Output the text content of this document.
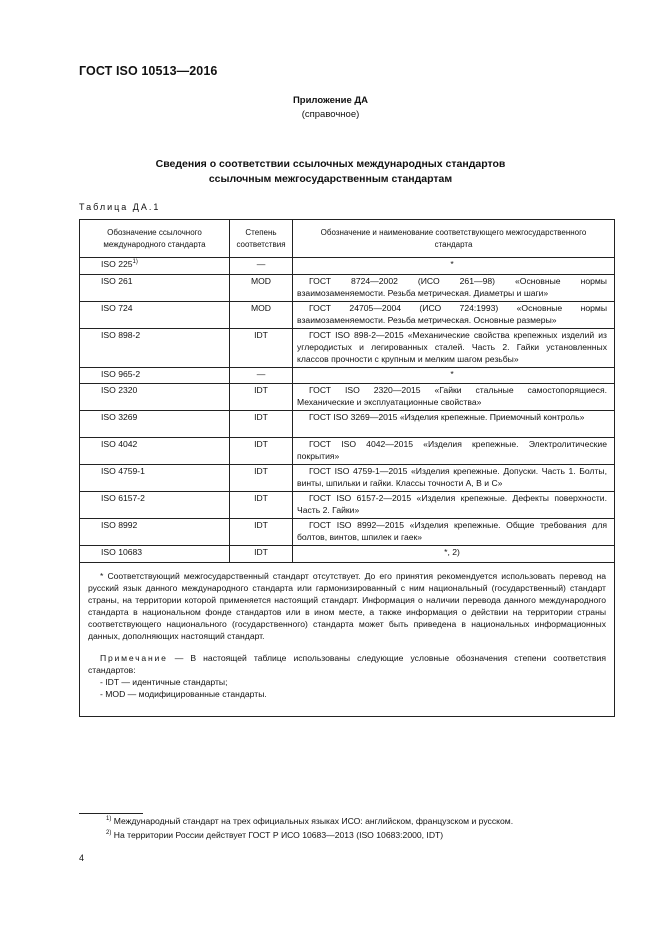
ГОСТ ISO 10513—2016
Приложение ДА
(справочное)
Сведения о соответствии ссылочных международных стандартов
ссылочным межгосударственным стандартам
Таблица ДА.1
Обозначение ссылочного международного стандарта	Степень соответствия	Обозначение и наименование соответствующего межгосударственного стандарта
ISO 225$^{1)}$	—	*

ISO 261	MOD	ГОСТ 8724—2002 (ИСО 261—98) «Основные нормы взаимозаменяемости. Резьба метрическая. Диаметры и шаги»
ISO 724	MOD	ГОСТ 24705—2004 (ИСО 724:1993) «Основные нормы взаимозаменяемости. Резьба метрическая. Основные размеры»
ISO 898-2	IDT	ГОСТ ISO 898-2—2015 «Механические свойства крепежных изделий из углеродистых и легированных сталей. Часть 2. Гайки установленных классов прочности с крупным и мелким шагом резьбы»
ISO 965-2	—	*

ISO 2320	IDT	ГОСТ ISO 2320—2015 «Гайки стальные самостопорящиеся. Механические и эксплуатационные свойства»
ISO 3269	IDT	ГОСТ ISO 3269—2015 «Изделия крепежные. Приемочный контроль»
ISO 4042	IDT	ГОСТ ISO 4042—2015 «Изделия крепежные. Электролитические покрытия»
ISO 4759-1	IDT	ГОСТ ISO 4759-1—2015 «Изделия крепежные. Допуски. Часть 1. Болты, винты, шпильки и гайки. Классы точности А, В и С»
ISO 6157-2	IDT	ГОСТ ISO 6157-2—2015 «Изделия крепежные. Дефекты поверхности. Часть 2. Гайки»
ISO 8992	IDT	ГОСТ ISO 8992—2015 «Изделия крепежные. Общие требования для болтов, винтов, шпилек и гаек»
ISO 10683	IDT	*, 2)

* Соответствующий межгосударственный стандарт отсутствует. До его принятия рекомендуется использовать перевод на русский язык данного международного стандарта или гармонизированный с ним национальный (государственный) стандарт страны, на территории которой применяется настоящий стандарт. Информация о наличии перевода данного международного стандарта в национальном фонде стандартов или в ином месте, а также информация о действии на территории страны соответствующего национального (государственного) стандарта может быть приведена в национальных информационных данных, дополняющих настоящий стандарт.

Примечание — В настоящей таблице использованы следующие условные обозначения степени соответствия стандартов:

- IDT — идентичные стандарты;
- MOD — модифицированные стандарты.		
$^{1)}$ Международный стандарт на трех официальных языках ИСО: английском, французском и русском.
$^{2)}$ На территории России действует ГОСТ Р ИСО 10683—2013 (ISO 10683:2000, IDT)
4
